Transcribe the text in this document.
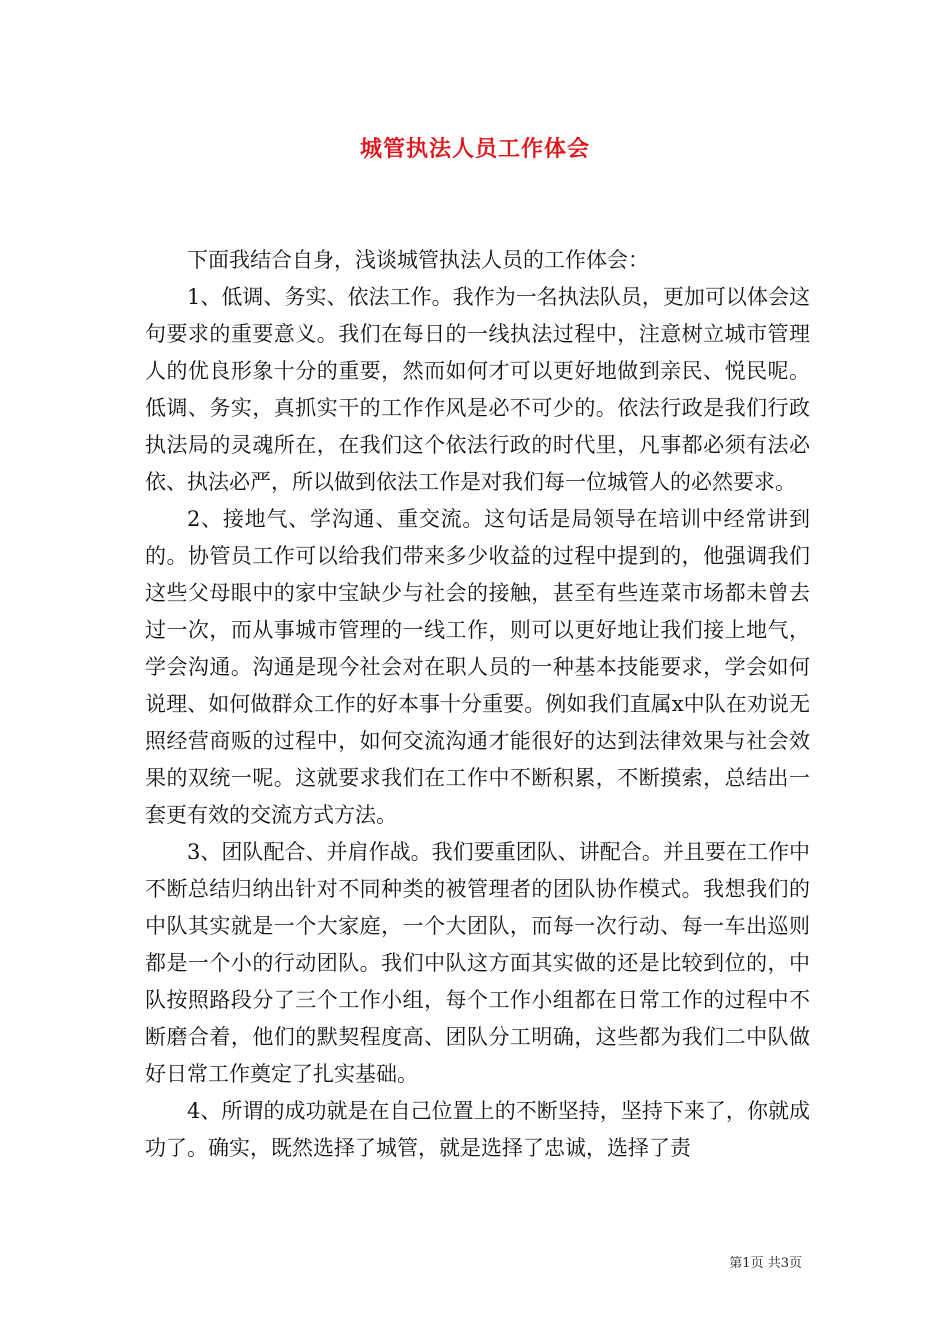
城管执法人员工作体会

下面我结合自身，浅谈城管执法人员的工作体会：

1、低调、务实、依法工作。我作为一名执法队员，更加可以体会这句要求的重要意义。我们在每日的一线执法过程中，注意树立城市管理人的优良形象十分的重要，然而如何才可以更好地做到亲民、悦民呢。低调、务实，真抓实干的工作作风是必不可少的。依法行政是我们行政执法局的灵魂所在，在我们这个依法行政的时代里，凡事都必须有法必依、执法必严，所以做到依法工作是对我们每一位城管人的必然要求。

2、接地气、学沟通、重交流。这句话是局领导在培训中经常讲到的。协管员工作可以给我们带来多少收益的过程中提到的，他强调我们这些父母眼中的家中宝缺少与社会的接触，甚至有些连菜市场都未曾去过一次，而从事城市管理的一线工作，则可以更好地让我们接上地气，学会沟通。沟通是现今社会对在职人员的一种基本技能要求，学会如何说理、如何做群众工作的好本事十分重要。例如我们直属x中队在劝说无照经营商贩的过程中，如何交流沟通才能很好的达到法律效果与社会效果的双统一呢。这就要求我们在工作中不断积累，不断摸索，总结出一套更有效的交流方式方法。

3、团队配合、并肩作战。我们要重团队、讲配合。并且要在工作中不断总结归纳出针对不同种类的被管理者的团队协作模式。我想我们的中队其实就是一个大家庭，一个大团队，而每一次行动、每一车出巡则都是一个小的行动团队。我们中队这方面其实做的还是比较到位的，中队按照路段分了三个工作小组，每个工作小组都在日常工作的过程中不断磨合着，他们的默契程度高、团队分工明确，这些都为我们二中队做好日常工作奠定了扎实基础。

4、所谓的成功就是在自己位置上的不断坚持，坚持下来了，你就成功了。确实，既然选择了城管，就是选择了忠诚，选择了责

第1页 共3页
